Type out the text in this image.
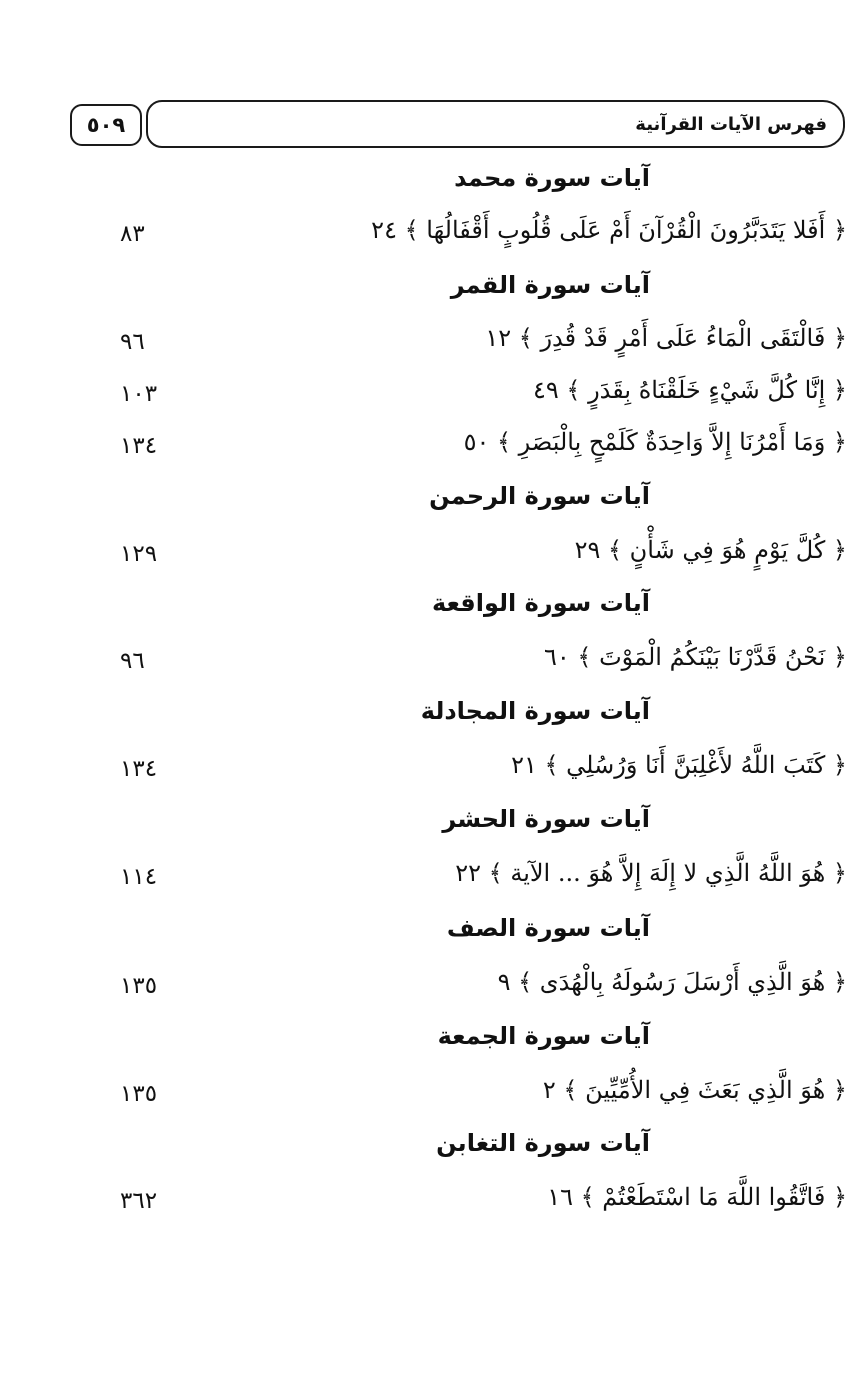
٥٠٩	فهرس الآيات القرآنية
آيات سورة محمد
﴿ أَفَلا يَتَدَبَّرُونَ الْقُرْآنَ أَمْ عَلَى قُلُوبٍ أَقْفَالُهَا ﴾ ٢٤
٨٣
آيات سورة القمر
﴿ فَالْتَقَى الْمَاءُ عَلَى أَمْرٍ قَدْ قُدِرَ ﴾ ١٢
٩٦
﴿ إِنَّا كُلَّ شَيْءٍ خَلَقْنَاهُ بِقَدَرٍ ﴾ ٤٩
١٠٣
﴿ وَمَا أَمْرُنَا إِلاَّ وَاحِدَةٌ كَلَمْحٍ بِالْبَصَرِ ﴾ ٥٠
١٣٤
آيات سورة الرحمن
﴿ كُلَّ يَوْمٍ هُوَ فِي شَأْنٍ ﴾ ٢٩
١٢٩
آيات سورة الواقعة
﴿ نَحْنُ قَدَّرْنَا بَيْنَكُمُ الْمَوْتَ ﴾ ٦٠
٩٦
آيات سورة المجادلة
﴿ كَتَبَ اللَّهُ لأَغْلِبَنَّ أَنَا وَرُسُلِي ﴾ ٢١
١٣٤
آيات سورة الحشر
﴿ هُوَ اللَّهُ الَّذِي لا إِلَهَ إِلاَّ هُوَ ... الآية ﴾ ٢٢
١١٤
آيات سورة الصف
﴿ هُوَ الَّذِي أَرْسَلَ رَسُولَهُ بِالْهُدَى ﴾ ٩
١٣٥
آيات سورة الجمعة
﴿ هُوَ الَّذِي بَعَثَ فِي الأُمِّيِّينَ ﴾ ٢
١٣٥
آيات سورة التغابن
﴿ فَاتَّقُوا اللَّهَ مَا اسْتَطَعْتُمْ ﴾ ١٦
٣٦٢
